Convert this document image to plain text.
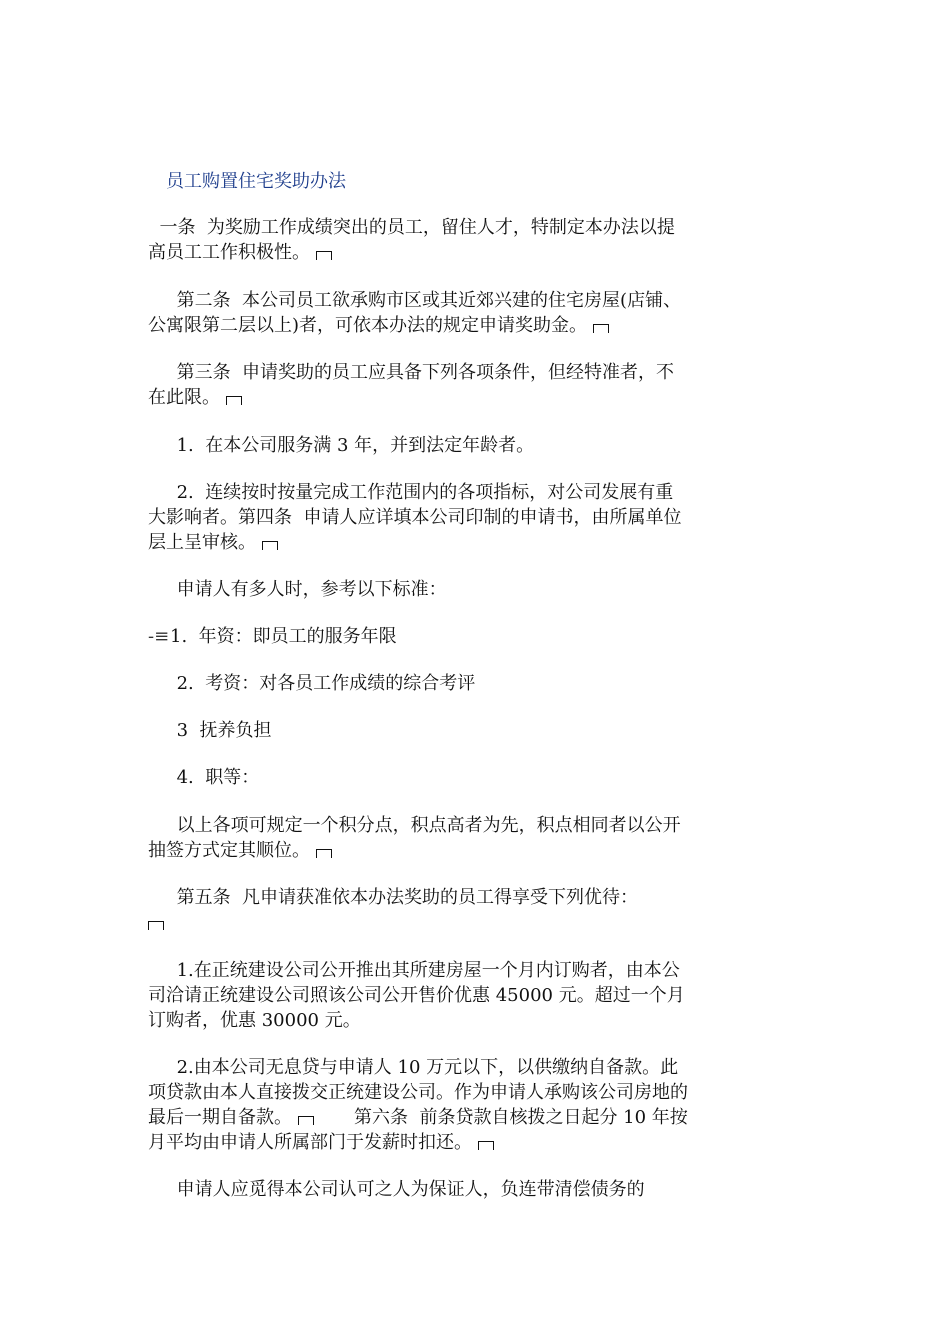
员工购置住宅奖助办法
一条  为奖励工作成绩突出的员工，留住人才，特制定本办法以提高员工工作积极性。
第二条  本公司员工欲承购市区或其近郊兴建的住宅房屋(店铺、公寓限第二层以上)者，可依本办法的规定申请奖助金。
第三条  申请奖助的员工应具备下列各项条件，但经特准者，不在此限。
1.  在本公司服务满 3 年，并到法定年龄者。
2.  连续按时按量完成工作范围内的各项指标，对公司发展有重大影响者。第四条  申请人应详填本公司印制的申请书，由所属单位层上呈审核。
申请人有多人时，参考以下标准：
-≡1.  年资：即员工的服务年限
2.  考资：对各员工作成绩的综合考评
3  抚养负担
4.  职等：
以上各项可规定一个积分点，积点高者为先，积点相同者以公开抽签方式定其顺位。
第五条  凡申请获准依本办法奖助的员工得享受下列优待：

1.在正统建设公司公开推出其所建房屋一个月内订购者，由本公司洽请正统建设公司照该公司公开售价优惠 45000 元。超过一个月订购者，优惠 30000 元。
2.由本公司无息贷与申请人 10 万元以下，以供缴纳自备款。此项贷款由本人直接拨交正统建设公司。作为申请人承购该公司房地的最后一期自备款。	第六条  前条贷款自核拨之日起分 10 年按月平均由申请人所属部门于发薪时扣还。
申请人应觅得本公司认可之人为保证人，负连带清偿债务的
